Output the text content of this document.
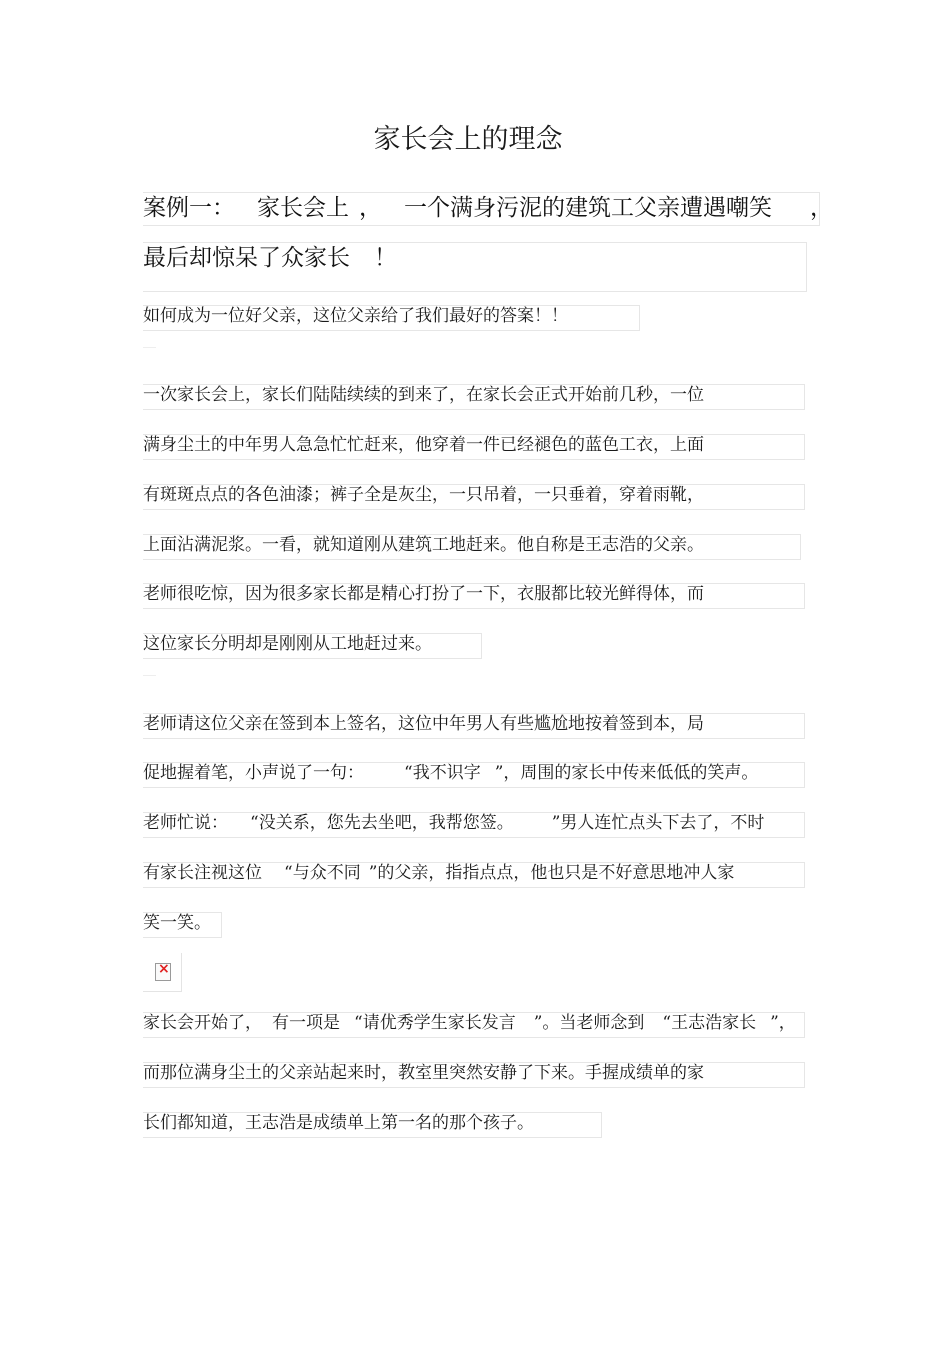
家长会上的理念
案例一： 家长会上 ， 一个满身污泥的建筑工父亲遭遇嘲笑 ，
最后却惊呆了众家长 ！
如何成为一位好父亲，这位父亲给了我们最好的答案！！
一次家长会上，家长们陆陆续续的到来了，在家长会正式开始前几秒，一位
满身尘土的中年男人急急忙忙赶来，他穿着一件已经褪色的蓝色工衣，上面
有斑斑点点的各色油漆；裤子全是灰尘，一只吊着，一只垂着，穿着雨靴，
上面沾满泥浆。一看，就知道刚从建筑工地赶来。他自称是王志浩的父亲。
老师很吃惊，因为很多家长都是精心打扮了一下，衣服都比较光鲜得体，而
这位家长分明却是刚刚从工地赶过来。
老师请这位父亲在签到本上签名，这位中年男人有些尴尬地按着签到本，局
促地握着笔，小声说了一句： “我不识字 ”，周围的家长中传来低低的笑声。
老师忙说： “没关系，您先去坐吧，我帮您签。 ”男人连忙点头下去了，不时
有家长注视这位 “与众不同 ”的父亲，指指点点，他也只是不好意思地冲人家
笑一笑。
×
家长会开始了， 有一项是 “请优秀学生家长发言 ”。当老师念到 “王志浩家长 ”，
而那位满身尘土的父亲站起来时，教室里突然安静了下来。手握成绩单的家
长们都知道，王志浩是成绩单上第一名的那个孩子。
